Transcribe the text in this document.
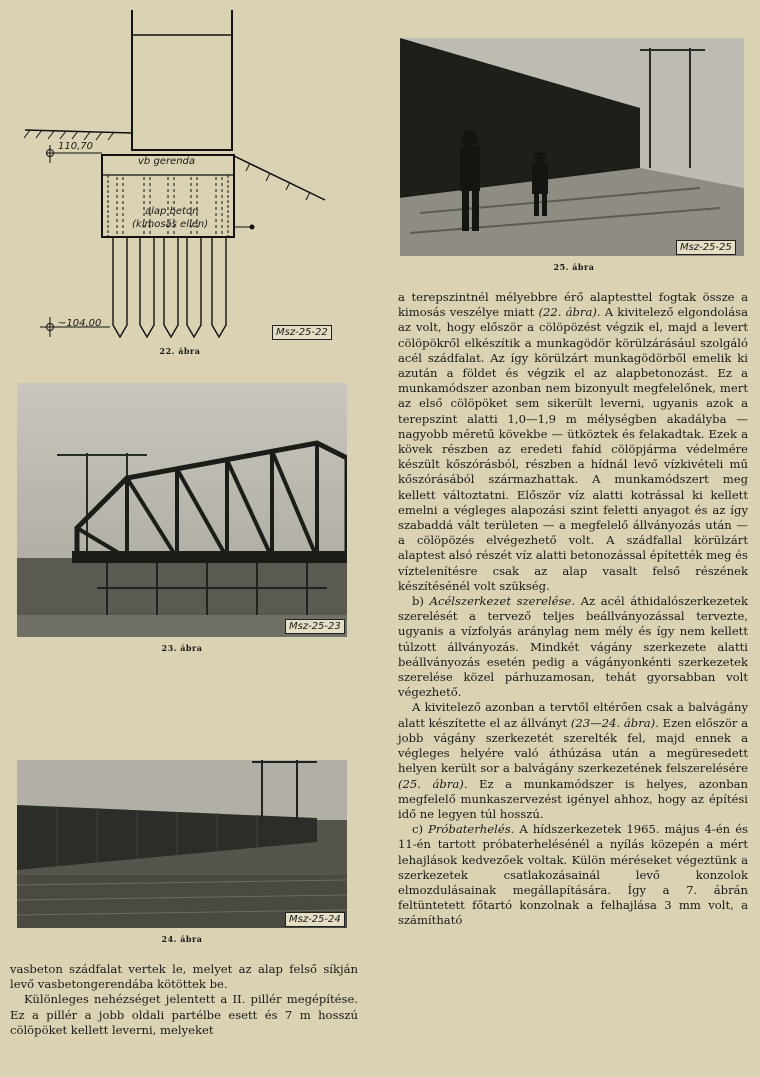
110,70
vb gerenda
alap beton
(kimosás ellen)
~104,00
Msz-25-22
22. ábra
Msz-25-23
23. ábra
Msz-25-24
24. ábra
Msz-25-25
25. ábra

vasbeton szádfalat vertek le, melyet az alap felső síkján levő vasbetongerendába kötöttek be.

Különleges nehézséget jelentett a II. pillér megépítése. Ez a pillér a jobb oldali partélbe esett és 7 m hosszú cölöpöket kellett leverni, melyeket

a terepszintnél mélyebbre érő alaptesttel fogtak össze a kimosás veszélye miatt (22. ábra). A kivitelező elgondolása az volt, hogy először a cölöpözést végzik el, majd a levert cölöpökről elkészítik a munkagödör körülzárásául szolgáló acél szádfalat. Az így körülzárt munkagödörből emelik ki azután a földet és végzik el az alapbetonozást. Ez a munkamódszer azonban nem bizonyult megfelelőnek, mert az első cölöpöket sem sikerült leverni, ugyanis azok a terepszint alatti 1,0—1,9 m mélységben akadályba — nagyobb méretű kövekbe — ütköztek és felakadtak. Ezek a kövek részben az eredeti fahíd cölöpjárma védelmére készült kőszórásból, részben a hídnál levő vízkivételi mű kőszórásából származhattak. A munkamódszert meg kellett változtatni. Először víz alatti kotrással ki kellett emelni a végleges alapozási szint feletti anyagot és az így szabaddá vált területen — a megfelelő állványozás után — a cölöpözés elvégezhető volt. A szádfallal körülzárt alaptest alsó részét víz alatti betonozással építették meg és víztelenítésre csak az alap vasalt felső részének készítésénél volt szükség.

b) Acélszerkezet szerelése. Az acél áthidalószerkezetek szerelését a tervező teljes beállványozással tervezte, ugyanis a vízfolyás aránylag nem mély és így nem kellett túlzott állványozás. Mindkét vágány szerkezete alatti beállványozás esetén pedig a vágányonkénti szerkezetek szerelése közel párhuzamosan, tehát gyorsabban volt végezhető.

A kivitelező azonban a tervtől eltérően csak a balvágány alatt készítette el az állványt (23—24. ábra). Ezen először a jobb vágány szerkezetét szerelték fel, majd ennek a végleges helyére való áthúzása után a megüresedett helyen került sor a balvágány szerkezetének felszerelésére (25. ábra). Ez a munkamódszer is helyes, azonban megfelelő munkaszervezést igényel ahhoz, hogy az építési idő ne legyen túl hosszú.

c) Próbaterhelés. A hídszerkezetek 1965. május 4-én és 11-én tartott próbaterhelésénél a nyílás közepén a mért lehajlások kedvezőek voltak. Külön méréseket végeztünk a szerkezetek csatlakozásainál levő konzolok elmozdulásainak megállapítására. Így a 7. ábrán feltüntetett főtartó konzolnak a felhajlása 3 mm volt, a számítható
